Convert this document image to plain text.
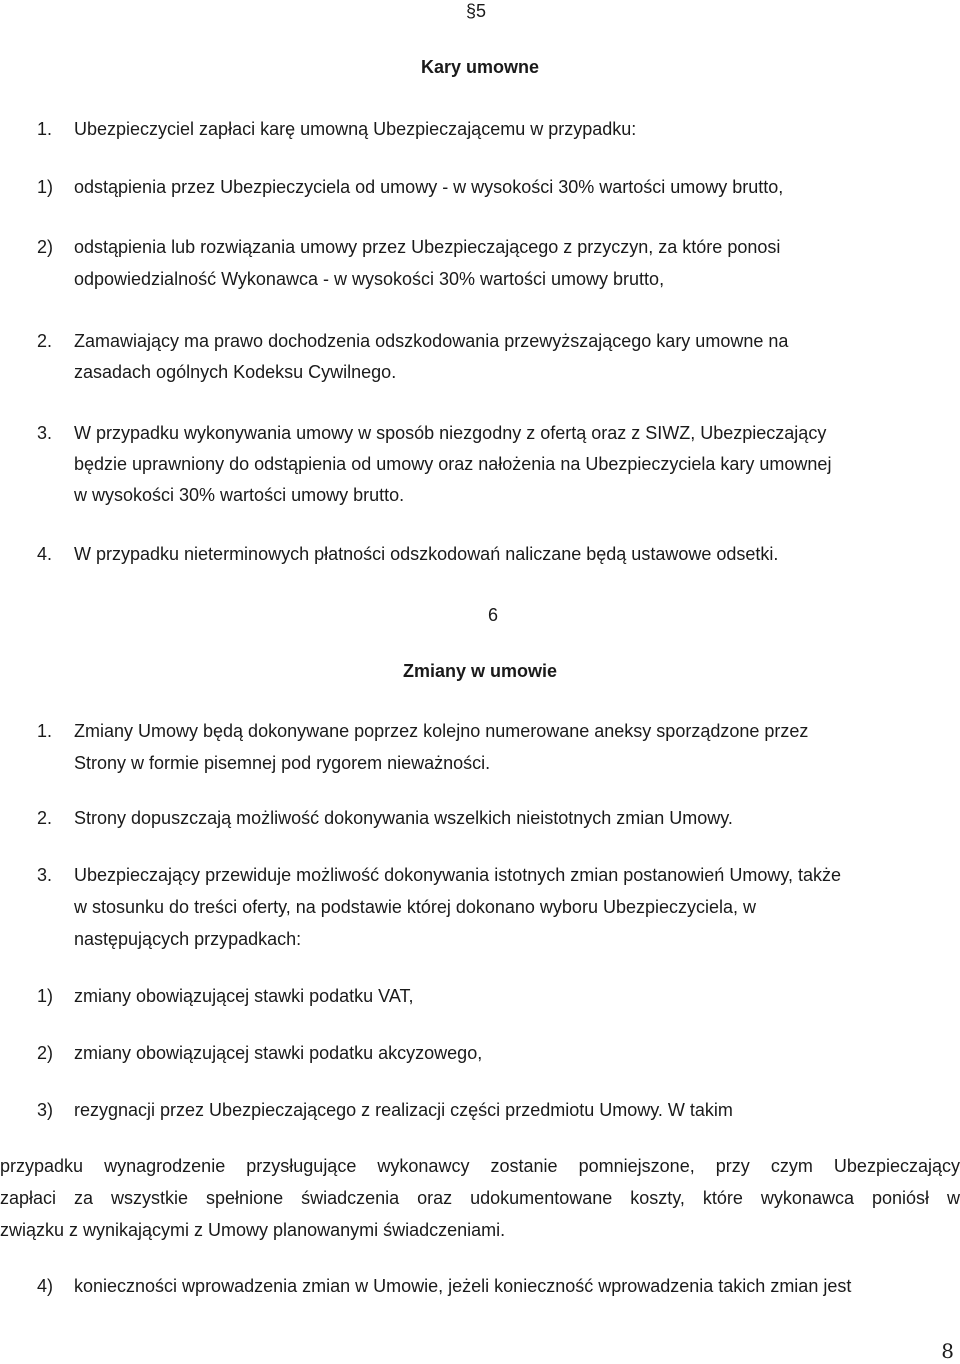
§5
Kary umowne
1. Ubezpieczyciel zapłaci karę umowną Ubezpieczającemu w przypadku:
1) odstąpienia przez Ubezpieczyciela od umowy - w wysokości 30% wartości umowy brutto,
2) odstąpienia lub rozwiązania umowy przez Ubezpieczającego z przyczyn, za które ponosi
odpowiedzialność Wykonawca - w wysokości 30% wartości umowy brutto,
2. Zamawiający ma prawo dochodzenia odszkodowania przewyższającego kary umowne na
zasadach ogólnych Kodeksu Cywilnego.
3. W przypadku wykonywania umowy w sposób niezgodny z ofertą oraz z SIWZ, Ubezpieczający
będzie uprawniony do odstąpienia od umowy oraz nałożenia na Ubezpieczyciela kary umownej
w wysokości 30% wartości umowy brutto.
4. W przypadku nieterminowych płatności odszkodowań naliczane będą ustawowe odsetki.
6
Zmiany w umowie
1. Zmiany Umowy będą dokonywane poprzez kolejno numerowane aneksy sporządzone przez
Strony w formie pisemnej pod rygorem nieważności.
2. Strony dopuszczają możliwość dokonywania wszelkich nieistotnych zmian Umowy.
3. Ubezpieczający przewiduje możliwość dokonywania istotnych zmian postanowień Umowy, także
w stosunku do treści oferty, na podstawie której dokonano wyboru Ubezpieczyciela, w
następujących przypadkach:
1) zmiany obowiązującej stawki podatku VAT,
2) zmiany obowiązującej stawki podatku akcyzowego,
3) rezygnacji przez Ubezpieczającego z realizacji części przedmiotu Umowy. W takim
przypadku wynagrodzenie przysługujące wykonawcy zostanie pomniejszone, przy czym Ubezpieczający
zapłaci za wszystkie spełnione świadczenia oraz udokumentowane koszty, które wykonawca poniósł w
związku z wynikającymi z Umowy planowanymi świadczeniami.
4) konieczności wprowadzenia zmian w Umowie, jeżeli konieczność wprowadzenia takich zmian jest
8
